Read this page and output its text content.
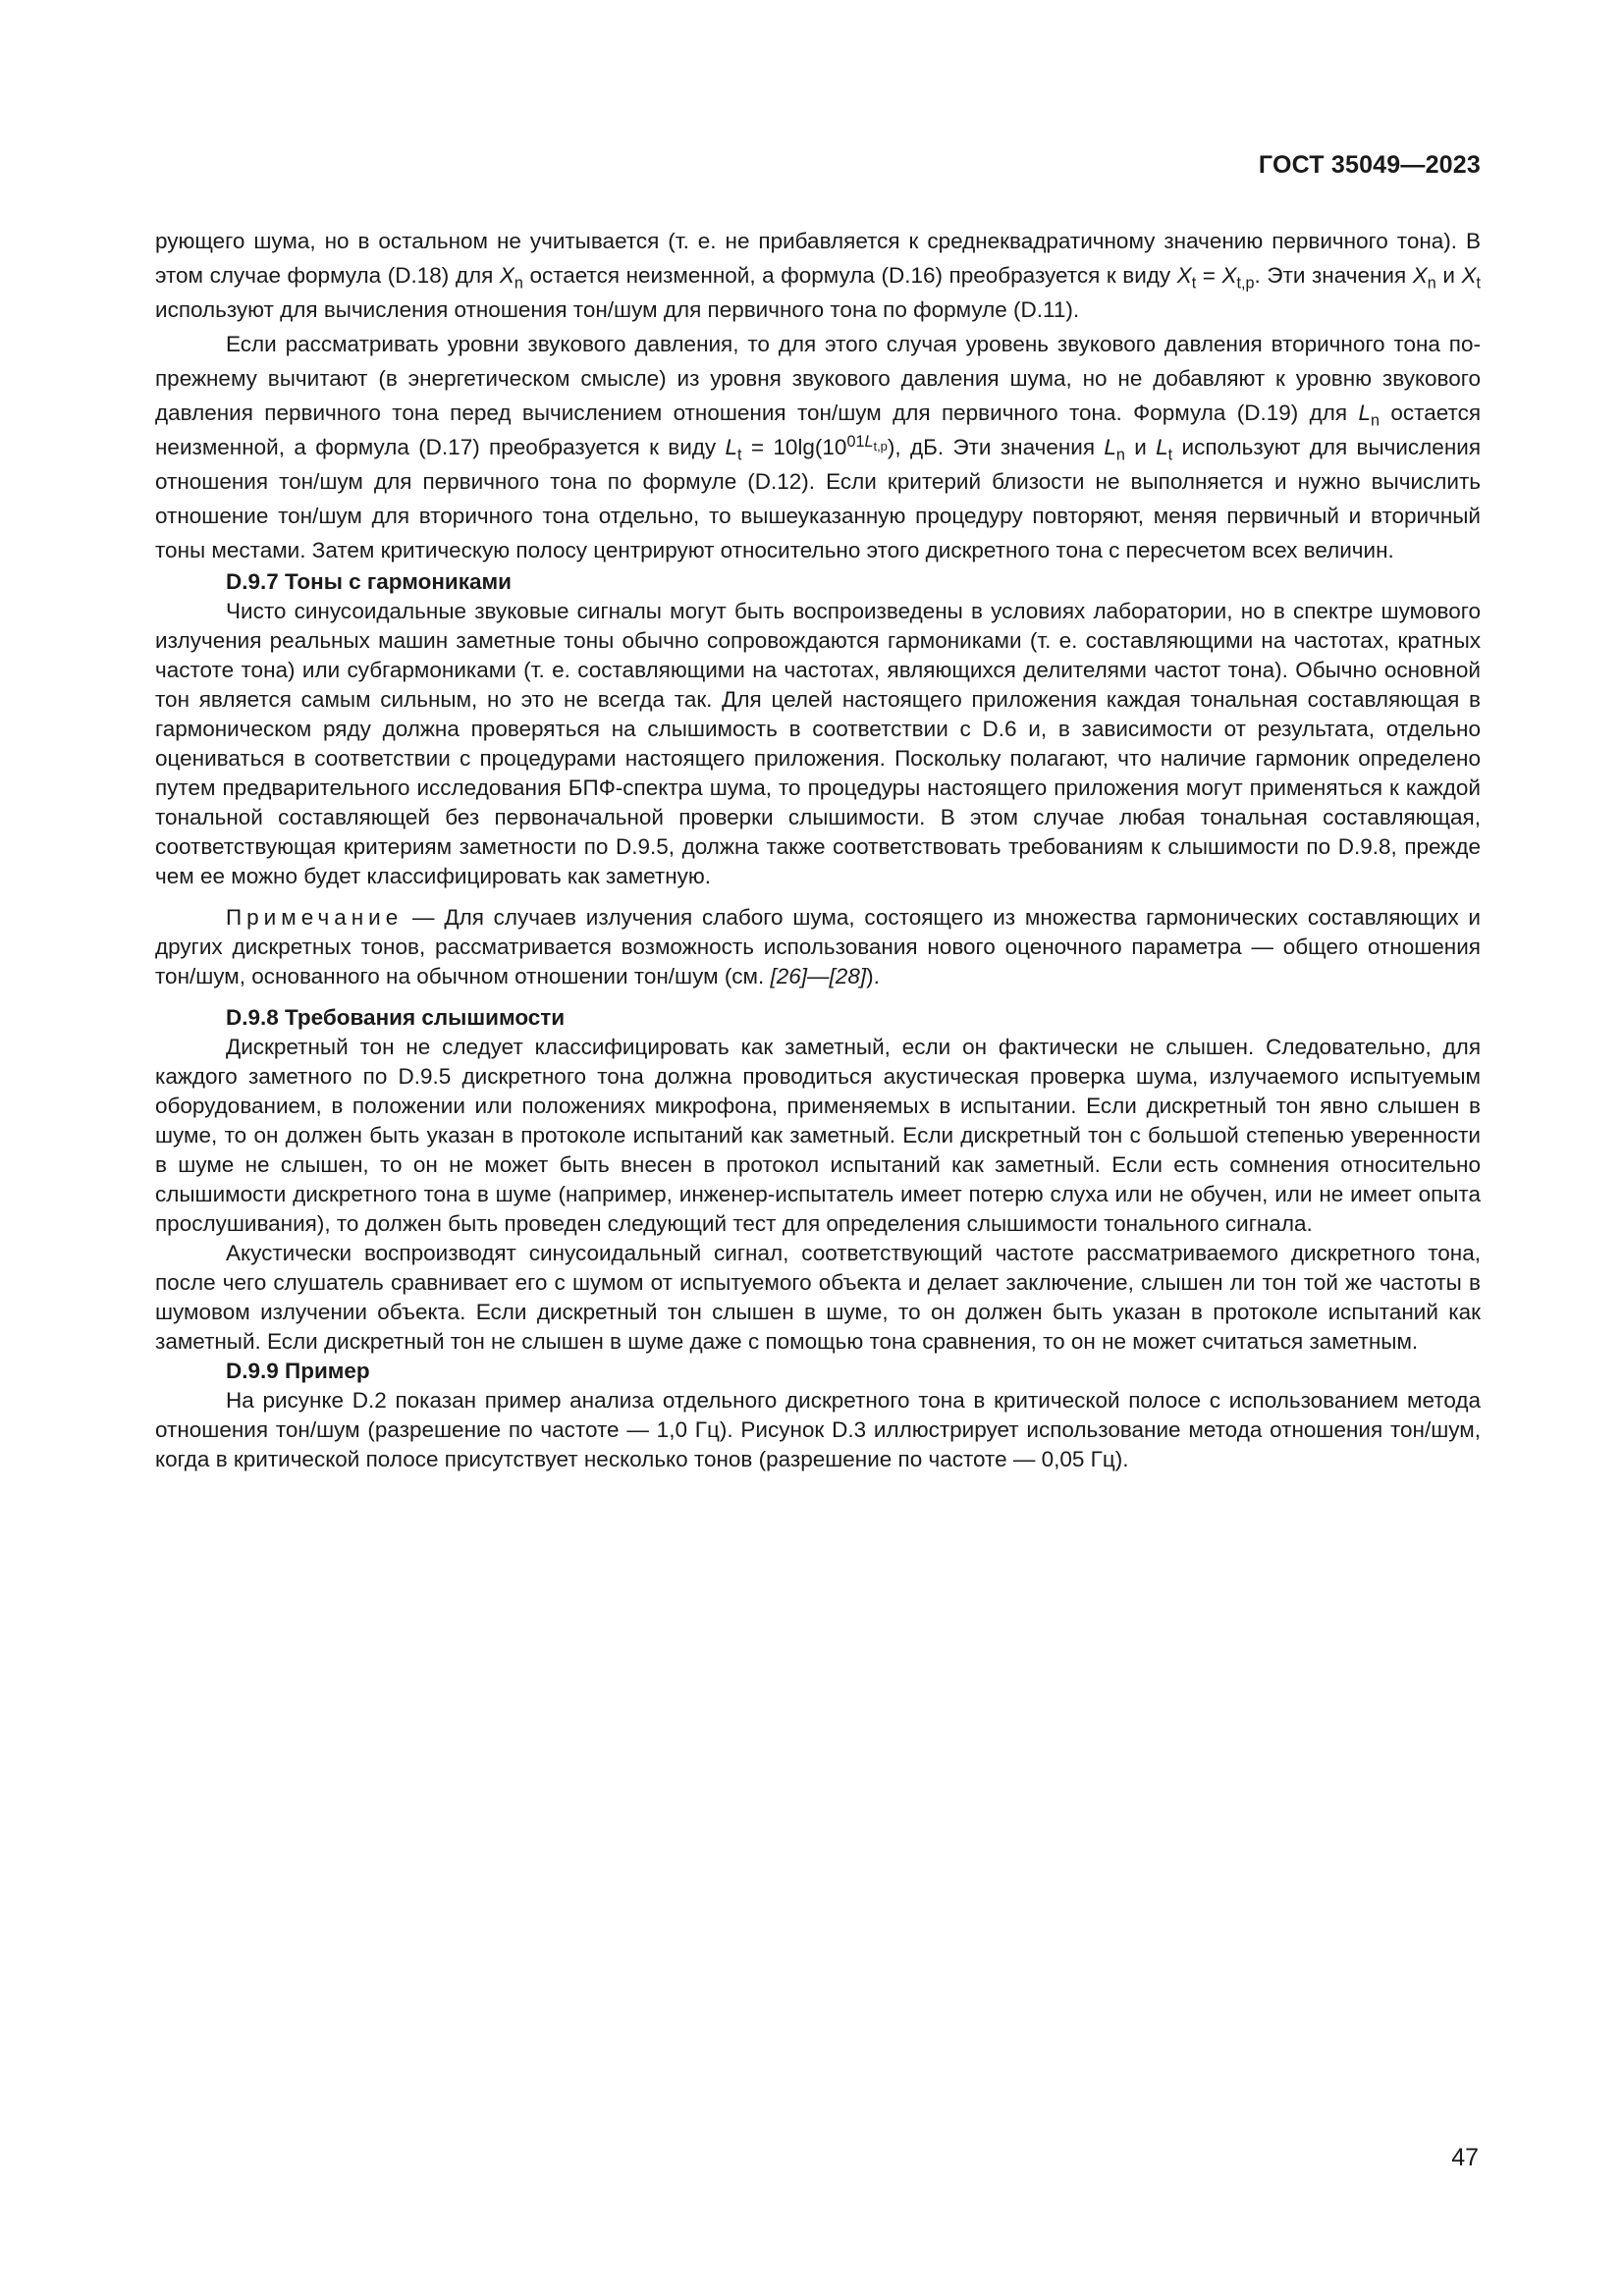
ГОСТ 35049—2023

рующего шума, но в остальном не учитывается (т. е. не прибавляется к среднеквадратичному значению первичного тона). В этом случае формула (D.18) для $X_n$ остается неизменной, а формула (D.16) преобразуется к виду $X_t = X_{t,p}$. Эти значения $X_n$ и $X_t$ используют для вычисления отношения тон/шум для первичного тона по формуле (D.11).

Если рассматривать уровни звукового давления, то для этого случая уровень звукового давления вторичного тона по-прежнему вычитают (в энергетическом смысле) из уровня звукового давления шума, но не добавляют к уровню звукового давления первичного тона перед вычислением отношения тон/шум для первичного тона. Формула (D.19) для $L_n$ остается неизменной, а формула (D.17) преобразуется к виду $L_t = 10\lg(10^{01L_{t,p}})$, дБ. Эти значения $L_n$ и $L_t$ используют для вычисления отношения тон/шум для первичного тона по формуле (D.12). Если критерий близости не выполняется и нужно вычислить отношение тон/шум для вторичного тона отдельно, то вышеуказанную процедуру повторяют, меняя первичный и вторичный тоны местами. Затем критическую полосу центрируют относительно этого дискретного тона с пересчетом всех величин.

D.9.7 Тоны с гармониками

Чисто синусоидальные звуковые сигналы могут быть воспроизведены в условиях лаборатории, но в спектре шумового излучения реальных машин заметные тоны обычно сопровождаются гармониками (т. е. составляющими на частотах, кратных частоте тона) или субгармониками (т. е. составляющими на частотах, являющихся делителями частот тона). Обычно основной тон является самым сильным, но это не всегда так. Для целей настоящего приложения каждая тональная составляющая в гармоническом ряду должна проверяться на слышимость в соответствии с D.6 и, в зависимости от результата, отдельно оцениваться в соответствии с процедурами настоящего приложения. Поскольку полагают, что наличие гармоник определено путем предварительного исследования БПФ-спектра шума, то процедуры настоящего приложения могут применяться к каждой тональной составляющей без первоначальной проверки слышимости. В этом случае любая тональная составляющая, соответствующая критериям заметности по D.9.5, должна также соответствовать требованиям к слышимости по D.9.8, прежде чем ее можно будет классифицировать как заметную.

Примечание — Для случаев излучения слабого шума, состоящего из множества гармонических составляющих и других дискретных тонов, рассматривается возможность использования нового оценочного параметра — общего отношения тон/шум, основанного на обычном отношении тон/шум (см. [26]—[28]).

D.9.8 Требования слышимости

Дискретный тон не следует классифицировать как заметный, если он фактически не слышен. Следовательно, для каждого заметного по D.9.5 дискретного тона должна проводиться акустическая проверка шума, излучаемого испытуемым оборудованием, в положении или положениях микрофона, применяемых в испытании. Если дискретный тон явно слышен в шуме, то он должен быть указан в протоколе испытаний как заметный. Если дискретный тон с большой степенью уверенности в шуме не слышен, то он не может быть внесен в протокол испытаний как заметный. Если есть сомнения относительно слышимости дискретного тона в шуме (например, инженер-испытатель имеет потерю слуха или не обучен, или не имеет опыта прослушивания), то должен быть проведен следующий тест для определения слышимости тонального сигнала.

Акустически воспроизводят синусоидальный сигнал, соответствующий частоте рассматриваемого дискретного тона, после чего слушатель сравнивает его с шумом от испытуемого объекта и делает заключение, слышен ли тон той же частоты в шумовом излучении объекта. Если дискретный тон слышен в шуме, то он должен быть указан в протоколе испытаний как заметный. Если дискретный тон не слышен в шуме даже с помощью тона сравнения, то он не может считаться заметным.

D.9.9 Пример

На рисунке D.2 показан пример анализа отдельного дискретного тона в критической полосе с использованием метода отношения тон/шум (разрешение по частоте — 1,0 Гц). Рисунок D.3 иллюстрирует использование метода отношения тон/шум, когда в критической полосе присутствует несколько тонов (разрешение по частоте — 0,05 Гц).

47
